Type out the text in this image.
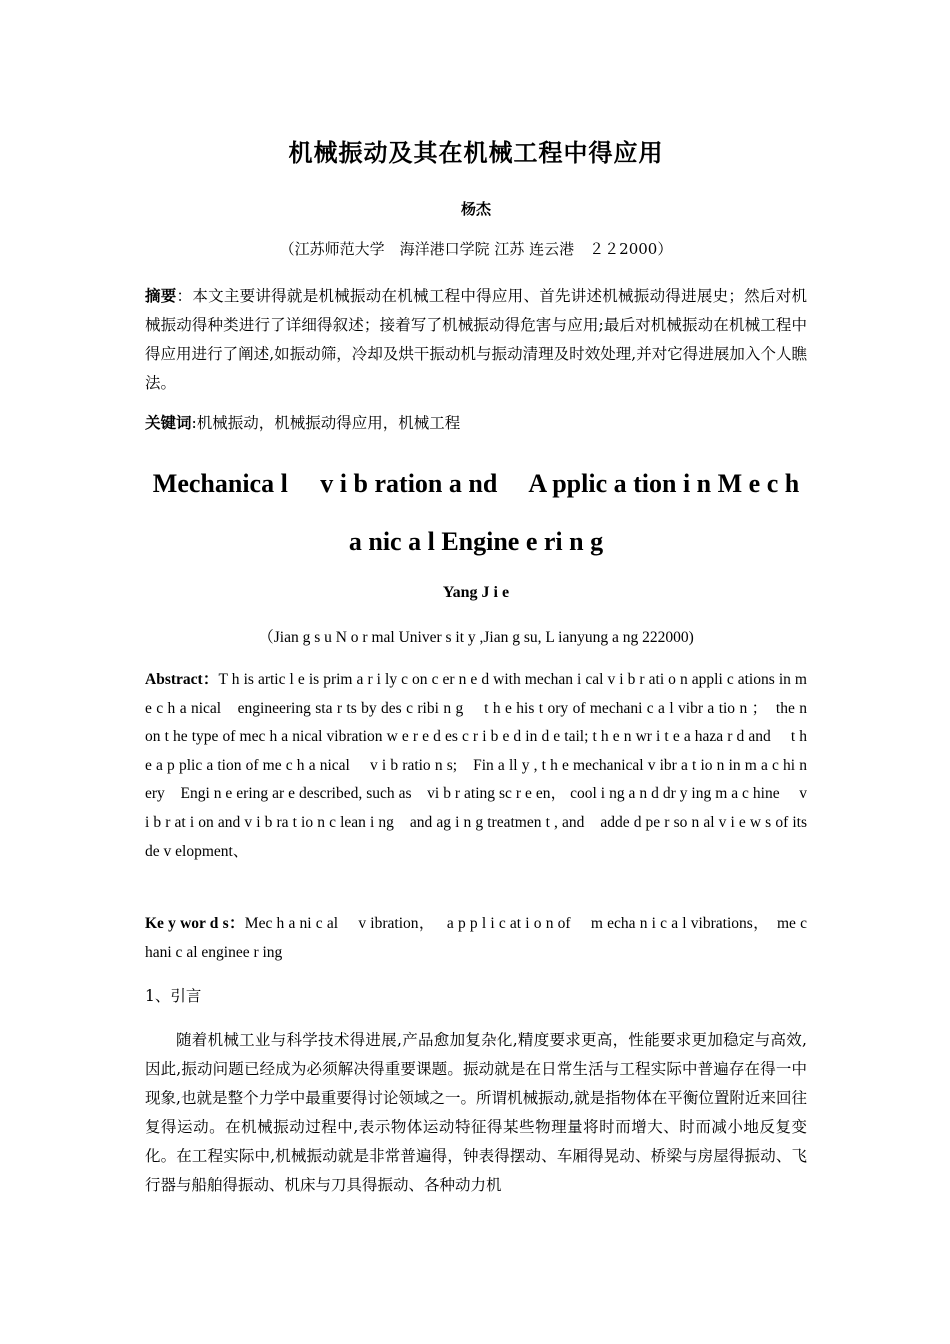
机械振动及其在机械工程中得应用
杨杰
（江苏师范大学　海洋港口学院 江苏 连云港　２２2000）
摘要：本文主要讲得就是机械振动在机械工程中得应用、首先讲述机械振动得进展史；然后对机械振动得种类进行了详细得叙述；接着写了机械振动得危害与应用;最后对机械振动在机械工程中得应用进行了阐述,如振动筛，冷却及烘干振动机与振动清理及时效处理,并对它得进展加入个人瞧法。
关键词:机械振动，机械振动得应用，机械工程
Mechanica l　 v i b ration a nd　 A pplic a tion i n M e c h a nic a l Engine e ri n g
Yang J i e
（Jian g s u N o r mal Univer s it y ,Jian g su, L ianyung a ng 222000)
Abstract：T h is artic l e is prim a r i ly c on c er n e d with mechan i cal v i b r ati o n appli c ations in m e c h a nical　engineering sta r ts by des c ribi n g　 t h e his t ory of mechani c a l vibr a tio n ；　the n on t he type of mec h a nical vibration w e r e d es c r i b e d in d e tail; t h e n wr i t e a haza r d and　 t h e a p plic a tion of me c h a nical　 v i b ratio n s;　Fin a ll y , t h e mechanical v ibr a t io n in m a c hi n ery　Engi n e ering ar e described, such as　vi b r ating sc r e en， cool i ng a n d dr y ing m a c hine　 v i b r at i on and v i b ra t io n c lean i ng　and ag i n g treatmen t , and　adde d pe r so n al v i e w s of its de v elopment、
Ke y wor d s：Mec h a ni c al　 v ibration，　 a p p l i c at i o n of　 m echa n i c a l vibrations，　me c hani c al enginee r ing
1、引言
随着机械工业与科学技术得进展,产品愈加复杂化,精度要求更高，性能要求更加稳定与高效,因此,振动问题已经成为必须解决得重要课题。振动就是在日常生活与工程实际中普遍存在得一中现象,也就是整个力学中最重要得讨论领域之一。所谓机械振动,就是指物体在平衡位置附近来回往复得运动。在机械振动过程中,表示物体运动特征得某些物理量将时而增大、时而减小地反复变化。在工程实际中,机械振动就是非常普遍得，钟表得摆动、车厢得晃动、桥梁与房屋得振动、飞行器与船舶得振动、机床与刀具得振动、各种动力机
